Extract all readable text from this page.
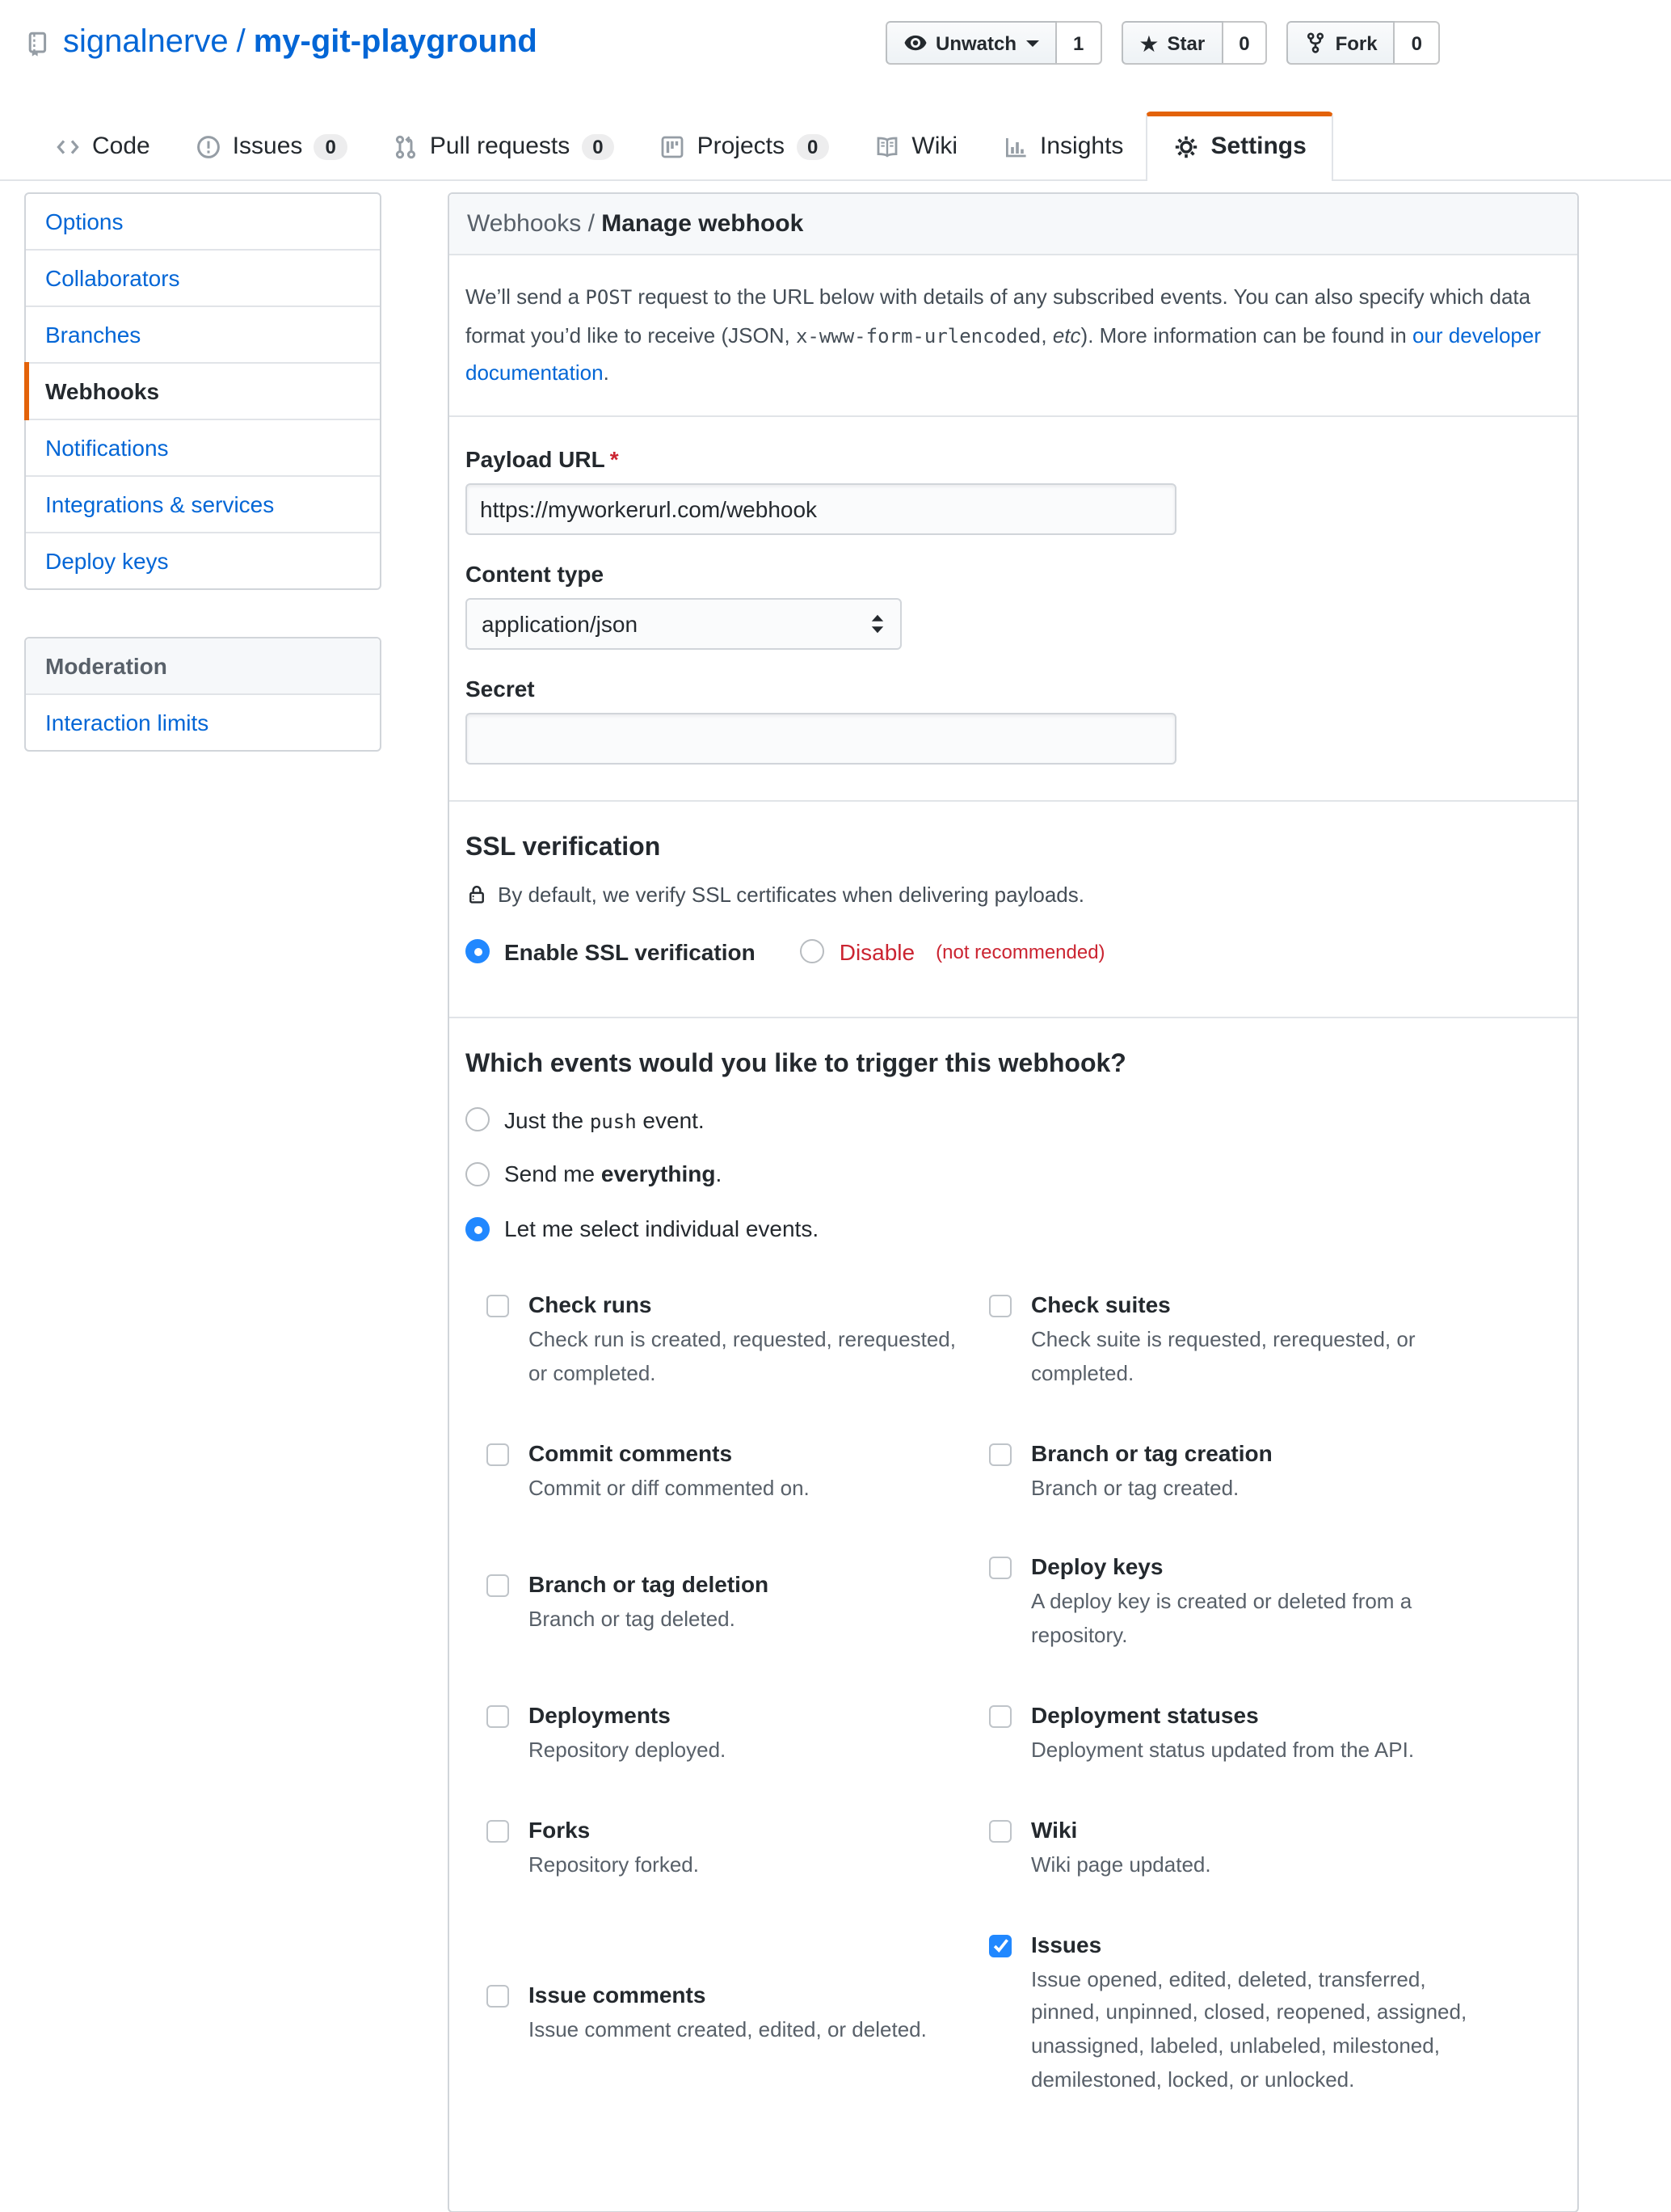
signalnerve / my-git-playground	Unwatch	1	★ Star	0	Fork	0
Code	Issues	0	Pull requests	0	Projects	0	Wiki	Insights	Settings
Options
Collaborators
Branches
Webhooks
Notifications
Integrations & services
Deploy keys
Moderation
Interaction limits
Webhooks / Manage webhook

We’ll send a POST request to the URL below with details of any subscribed events. You can also specify which data format you’d like to receive (JSON, x-www-form-urlencoded, etc). More information can be found in our developer documentation.

Payload URL *
https://myworkerurl.com/webhook
Content type
application/json
Secret
SSL verification

By default, we verify SSL certificates when delivering payloads.

Enable SSL verification	Disable (not recommended)
Which events would you like to trigger this webhook?
Just the push event.
Send me everything.
Let me select individual events.
Check runs
Check run is created, requested, rerequested, or completed.
Check suites
Check suite is requested, rerequested, or completed.
Commit comments
Commit or diff commented on.
Branch or tag creation
Branch or tag created.
Branch or tag deletion
Branch or tag deleted.
Deploy keys
A deploy key is created or deleted from a repository.
Deployments
Repository deployed.
Deployment statuses
Deployment status updated from the API.
Forks
Repository forked.
Wiki
Wiki page updated.
Issue comments
Issue comment created, edited, or deleted.
Issues
Issue opened, edited, deleted, transferred, pinned, unpinned, closed, reopened, assigned, unassigned, labeled, unlabeled, milestoned, demilestoned, locked, or unlocked.
